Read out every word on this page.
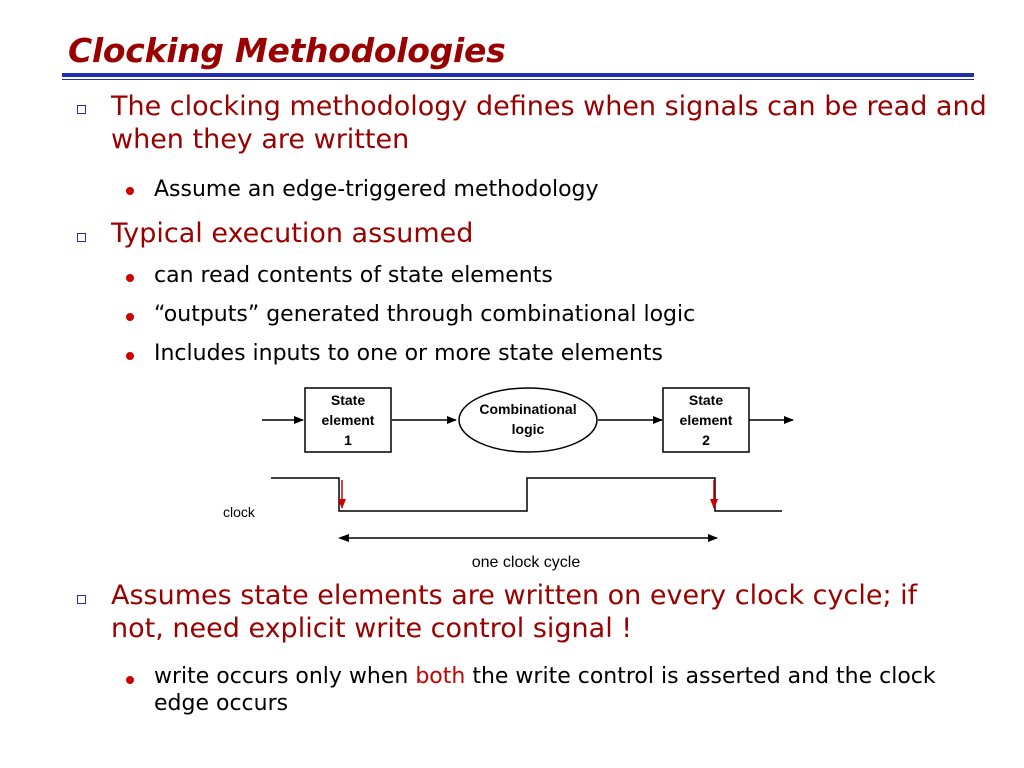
Clocking Methodologies

The clocking methodology defines when signals can be read and when they are written

Assume an edge-triggered methodology

Typical execution assumed

can read contents of state elements

“outputs” generated through combinational logic

Includes inputs to one or more state elements

State
element
1
Combinational
logic
State
element
2
clock
one clock cycle

Assumes state elements are written on every clock cycle; if not, need explicit write control signal !

write occurs only when both the write control is asserted and the clock edge occurs
